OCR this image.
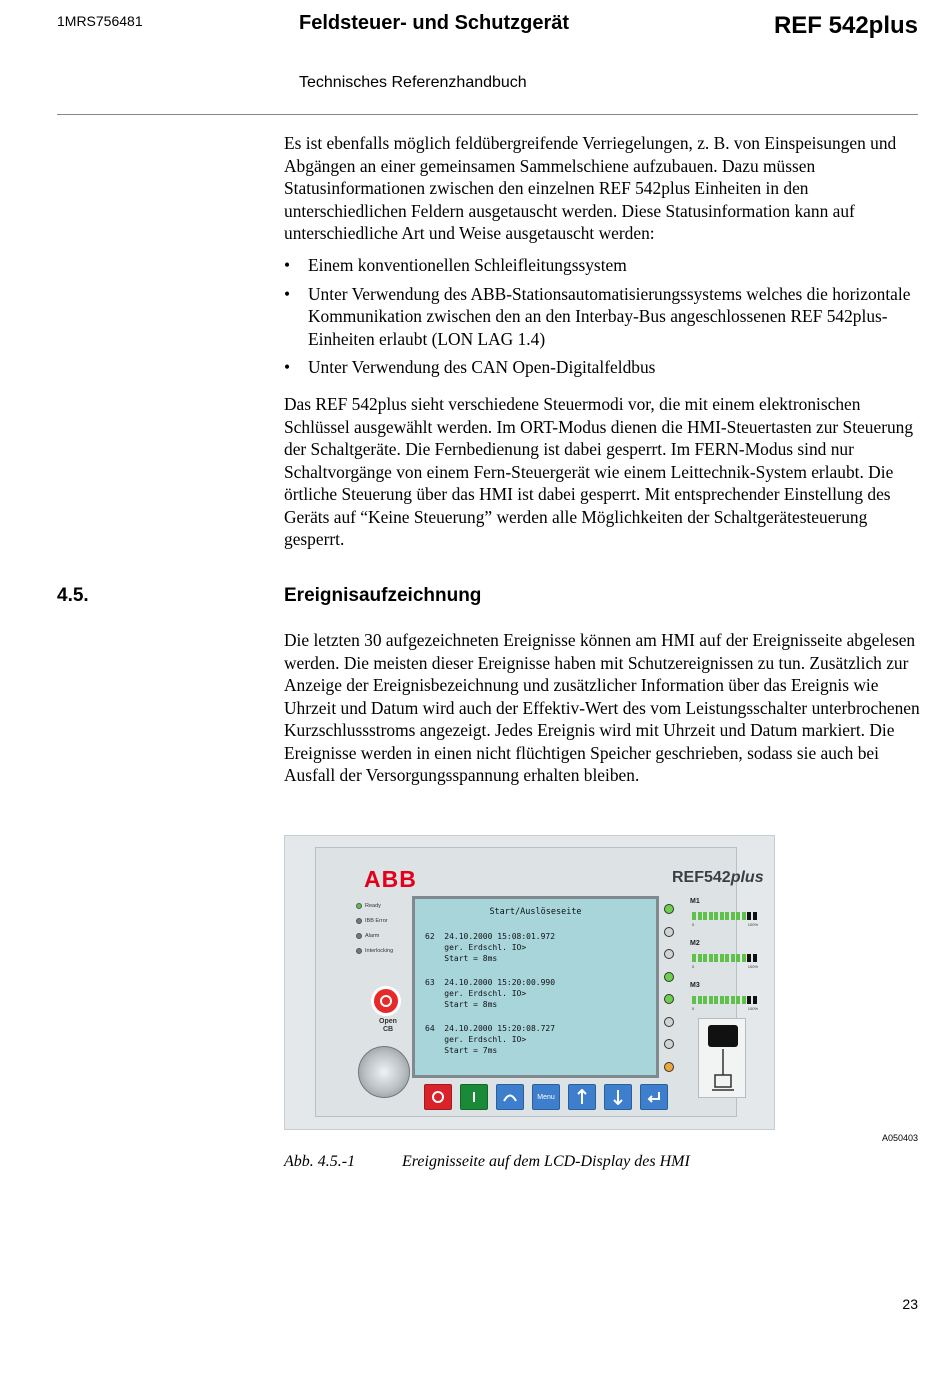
1MRS756481	Feldsteuer- und Schutzgerät	REF 542plus
Technisches Referenzhandbuch
Es ist ebenfalls möglich feldübergreifende Verriegelungen, z. B. von Einspeisungen und Abgängen an einer gemeinsamen Sammelschiene aufzubauen. Dazu müssen Statusinformationen zwischen den einzelnen REF 542plus Einheiten in den unterschiedlichen Feldern ausgetauscht werden. Diese Statusinformation kann auf unterschiedliche Art und Weise ausgetauscht werden:
• Einem konventionellen Schleifleitungssystem
• Unter Verwendung des ABB-Stationsautomatisierungssystems welches die horizontale Kommunikation zwischen den an den Interbay-Bus angeschlossenen REF 542plus-Einheiten erlaubt (LON LAG 1.4)
• Unter Verwendung des CAN Open-Digitalfeldbus
Das REF 542plus sieht verschiedene Steuermodi vor, die mit einem elektronischen Schlüssel ausgewählt werden. Im ORT-Modus dienen die HMI-Steuertasten zur Steuerung der Schaltgeräte. Die Fernbedienung ist dabei gesperrt. Im FERN-Modus sind nur Schaltvorgänge von einem Fern-Steuergerät wie einem Leittechnik-System erlaubt. Die örtliche Steuerung über das HMI ist dabei gesperrt. Mit entsprechender Einstellung des Geräts auf “Keine Steuerung” werden alle Möglichkeiten der Schaltgerätesteuerung gesperrt.
4.5.	Ereignisaufzeichnung
Die letzten 30 aufgezeichneten Ereignisse können am HMI auf der Ereignisseite abgelesen werden. Die meisten dieser Ereignisse haben mit Schutzereignissen zu tun. Zusätzlich zur Anzeige der Ereignisbezeichnung und zusätzlicher Information über das Ereignis wie Uhrzeit und Datum wird auch der Effektiv-Wert des vom Leistungsschalter unterbrochenen Kurzschlussstroms angezeigt. Jedes Ereignis wird mit Uhrzeit und Datum markiert. Die Ereignisse werden in einen nicht flüchtigen Speicher geschrieben, sodass sie auch bei Ausfall der Versorgungsspannung erhalten bleiben.
ABB	REF542plus
Ready
IBB Error
Alarm
Interlocking
Open
CB
Start/Auslöseseite
62  24.10.2000 15:08:01.972
ger. Erdschl. IO>
Start = 8ms
63  24.10.2000 15:20:00.990
ger. Erdschl. IO>
Start = 8ms
64  24.10.2000 15:20:08.727
ger. Erdschl. IO>
Start = 7ms
M1
0	100%
M2
0	100%
M3
0	100%
Menu
A050403
Abb. 4.5.-1	Ereignisseite auf dem LCD-Display des HMI
23
